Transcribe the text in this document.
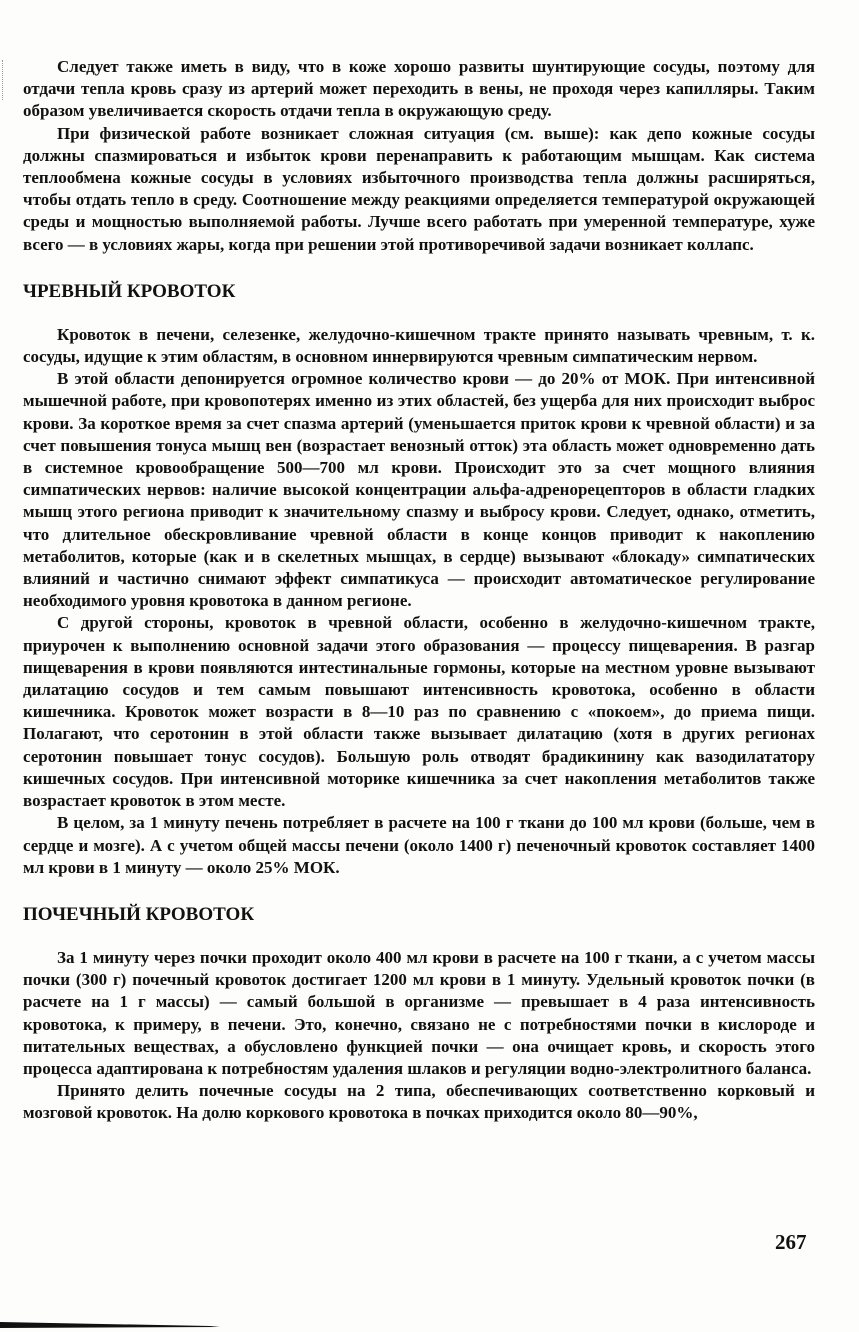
Следует также иметь в виду, что в коже хорошо развиты шунтирующие сосуды, поэтому для отдачи тепла кровь сразу из артерий может переходить в вены, не проходя через капилляры. Таким образом увеличивается скорость отдачи тепла в окружающую среду.

При физической работе возникает сложная ситуация (см. выше): как депо кожные сосуды должны спазмироваться и избыток крови перенаправить к работающим мышцам. Как система теплообмена кожные сосуды в условиях избыточного производства тепла должны расширяться, чтобы отдать тепло в среду. Соотношение между реакциями определяется температурой окружающей среды и мощностью выполняемой работы. Лучше всего работать при умеренной температуре, хуже всего — в условиях жары, когда при решении этой противоречивой задачи возникает коллапс.

ЧРЕВНЫЙ КРОВОТОК

Кровоток в печени, селезенке, желудочно-кишечном тракте принято называть чревным, т. к. сосуды, идущие к этим областям, в основном иннервируются чревным симпатическим нервом.

В этой области депонируется огромное количество крови — до 20% от МОК. При интенсивной мышечной работе, при кровопотерях именно из этих областей, без ущерба для них происходит выброс крови. За короткое время за счет спазма артерий (уменьшается приток крови к чревной области) и за счет повышения тонуса мышц вен (возрастает венозный отток) эта область может одновременно дать в системное кровообращение 500—700 мл крови. Происходит это за счет мощного влияния симпатических нервов: наличие высокой концентрации альфа-адренорецепторов в области гладких мышц этого региона приводит к значительному спазму и выбросу крови. Следует, однако, отметить, что длительное обескровливание чревной области в конце концов приводит к накоплению метаболитов, которые (как и в скелетных мышцах, в сердце) вызывают «блокаду» симпатических влияний и частично снимают эффект симпатикуса — происходит автоматическое регулирование необходимого уровня кровотока в данном регионе.

С другой стороны, кровоток в чревной области, особенно в желудочно-кишечном тракте, приурочен к выполнению основной задачи этого образования — процессу пищеварения. В разгар пищеварения в крови появляются интестинальные гормоны, которые на местном уровне вызывают дилатацию сосудов и тем самым повышают интенсивность кровотока, особенно в области кишечника. Кровоток может возрасти в 8—10 раз по сравнению с «покоем», до приема пищи. Полагают, что серотонин в этой области также вызывает дилатацию (хотя в других регионах серотонин повышает тонус сосудов). Большую роль отводят брадикинину как вазодилататору кишечных сосудов. При интенсивной моторике кишечника за счет накопления метаболитов также возрастает кровоток в этом месте.

В целом, за 1 минуту печень потребляет в расчете на 100 г ткани до 100 мл крови (больше, чем в сердце и мозге). А с учетом общей массы печени (около 1400 г) печеночный кровоток составляет 1400 мл крови в 1 минуту — около 25% МОК.

ПОЧЕЧНЫЙ КРОВОТОК

За 1 минуту через почки проходит около 400 мл крови в расчете на 100 г ткани, а с учетом массы почки (300 г) почечный кровоток достигает 1200 мл крови в 1 минуту. Удельный кровоток почки (в расчете на 1 г массы) — самый большой в организме — превышает в 4 раза интенсивность кровотока, к примеру, в печени. Это, конечно, связано не с потребностями почки в кислороде и питательных веществах, а обусловлено функцией почки — она очищает кровь, и скорость этого процесса адаптирована к потребностям удаления шлаков и регуляции водно-электролитного баланса.

Принято делить почечные сосуды на 2 типа, обеспечивающих соответственно корковый и мозговой кровоток. На долю коркового кровотока в почках приходится около 80—90%,

267
